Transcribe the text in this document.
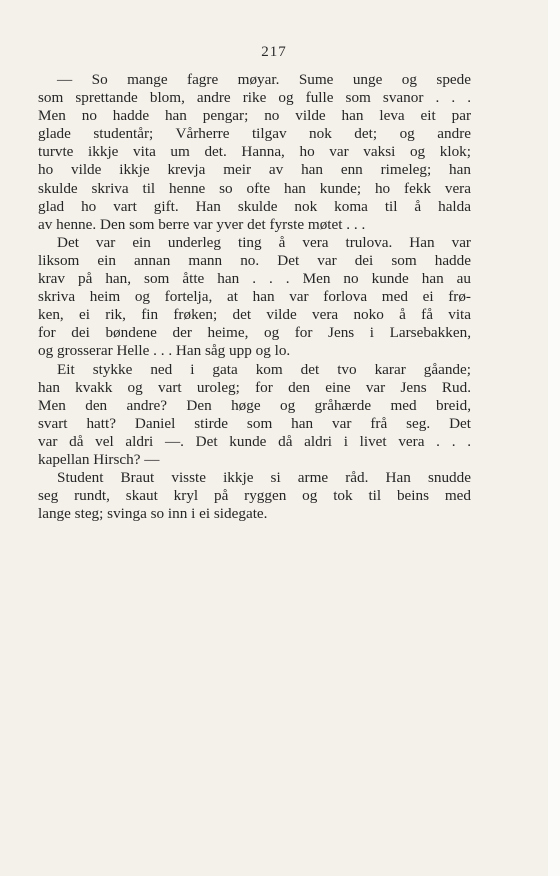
217
— So mange fagre møyar. Sume unge og spede
som sprettande blom, andre rike og fulle som svanor . . .
Men no hadde han pengar; no vilde han leva eit par
glade studentår; Vårherre tilgav nok det; og andre
turvte ikkje vita um det. Hanna, ho var vaksi og klok;
ho vilde ikkje krevja meir av han enn rimeleg; han
skulde skriva til henne so ofte han kunde; ho fekk vera
glad ho vart gift. Han skulde nok koma til å halda
av henne. Den som berre var yver det fyrste møtet . . .
Det var ein underleg ting å vera trulova. Han var
liksom ein annan mann no. Det var dei som hadde
krav på han, som åtte han . . . Men no kunde han au
skriva heim og fortelja, at han var forlova med ei frø-
ken, ei rik, fin frøken; det vilde vera noko å få vita
for dei bøndene der heime, og for Jens i Larsebakken,
og grosserar Helle . . . Han såg upp og lo.
Eit stykke ned i gata kom det tvo karar gåande;
han kvakk og vart uroleg; for den eine var Jens Rud.
Men den andre? Den høge og gråhærde med breid,
svart hatt? Daniel stirde som han var frå seg. Det
var då vel aldri —. Det kunde då aldri i livet vera . . .
kapellan Hirsch? —
Student Braut visste ikkje si arme råd. Han snudde
seg rundt, skaut kryl på ryggen og tok til beins med
lange steg; svinga so inn i ei sidegate.
